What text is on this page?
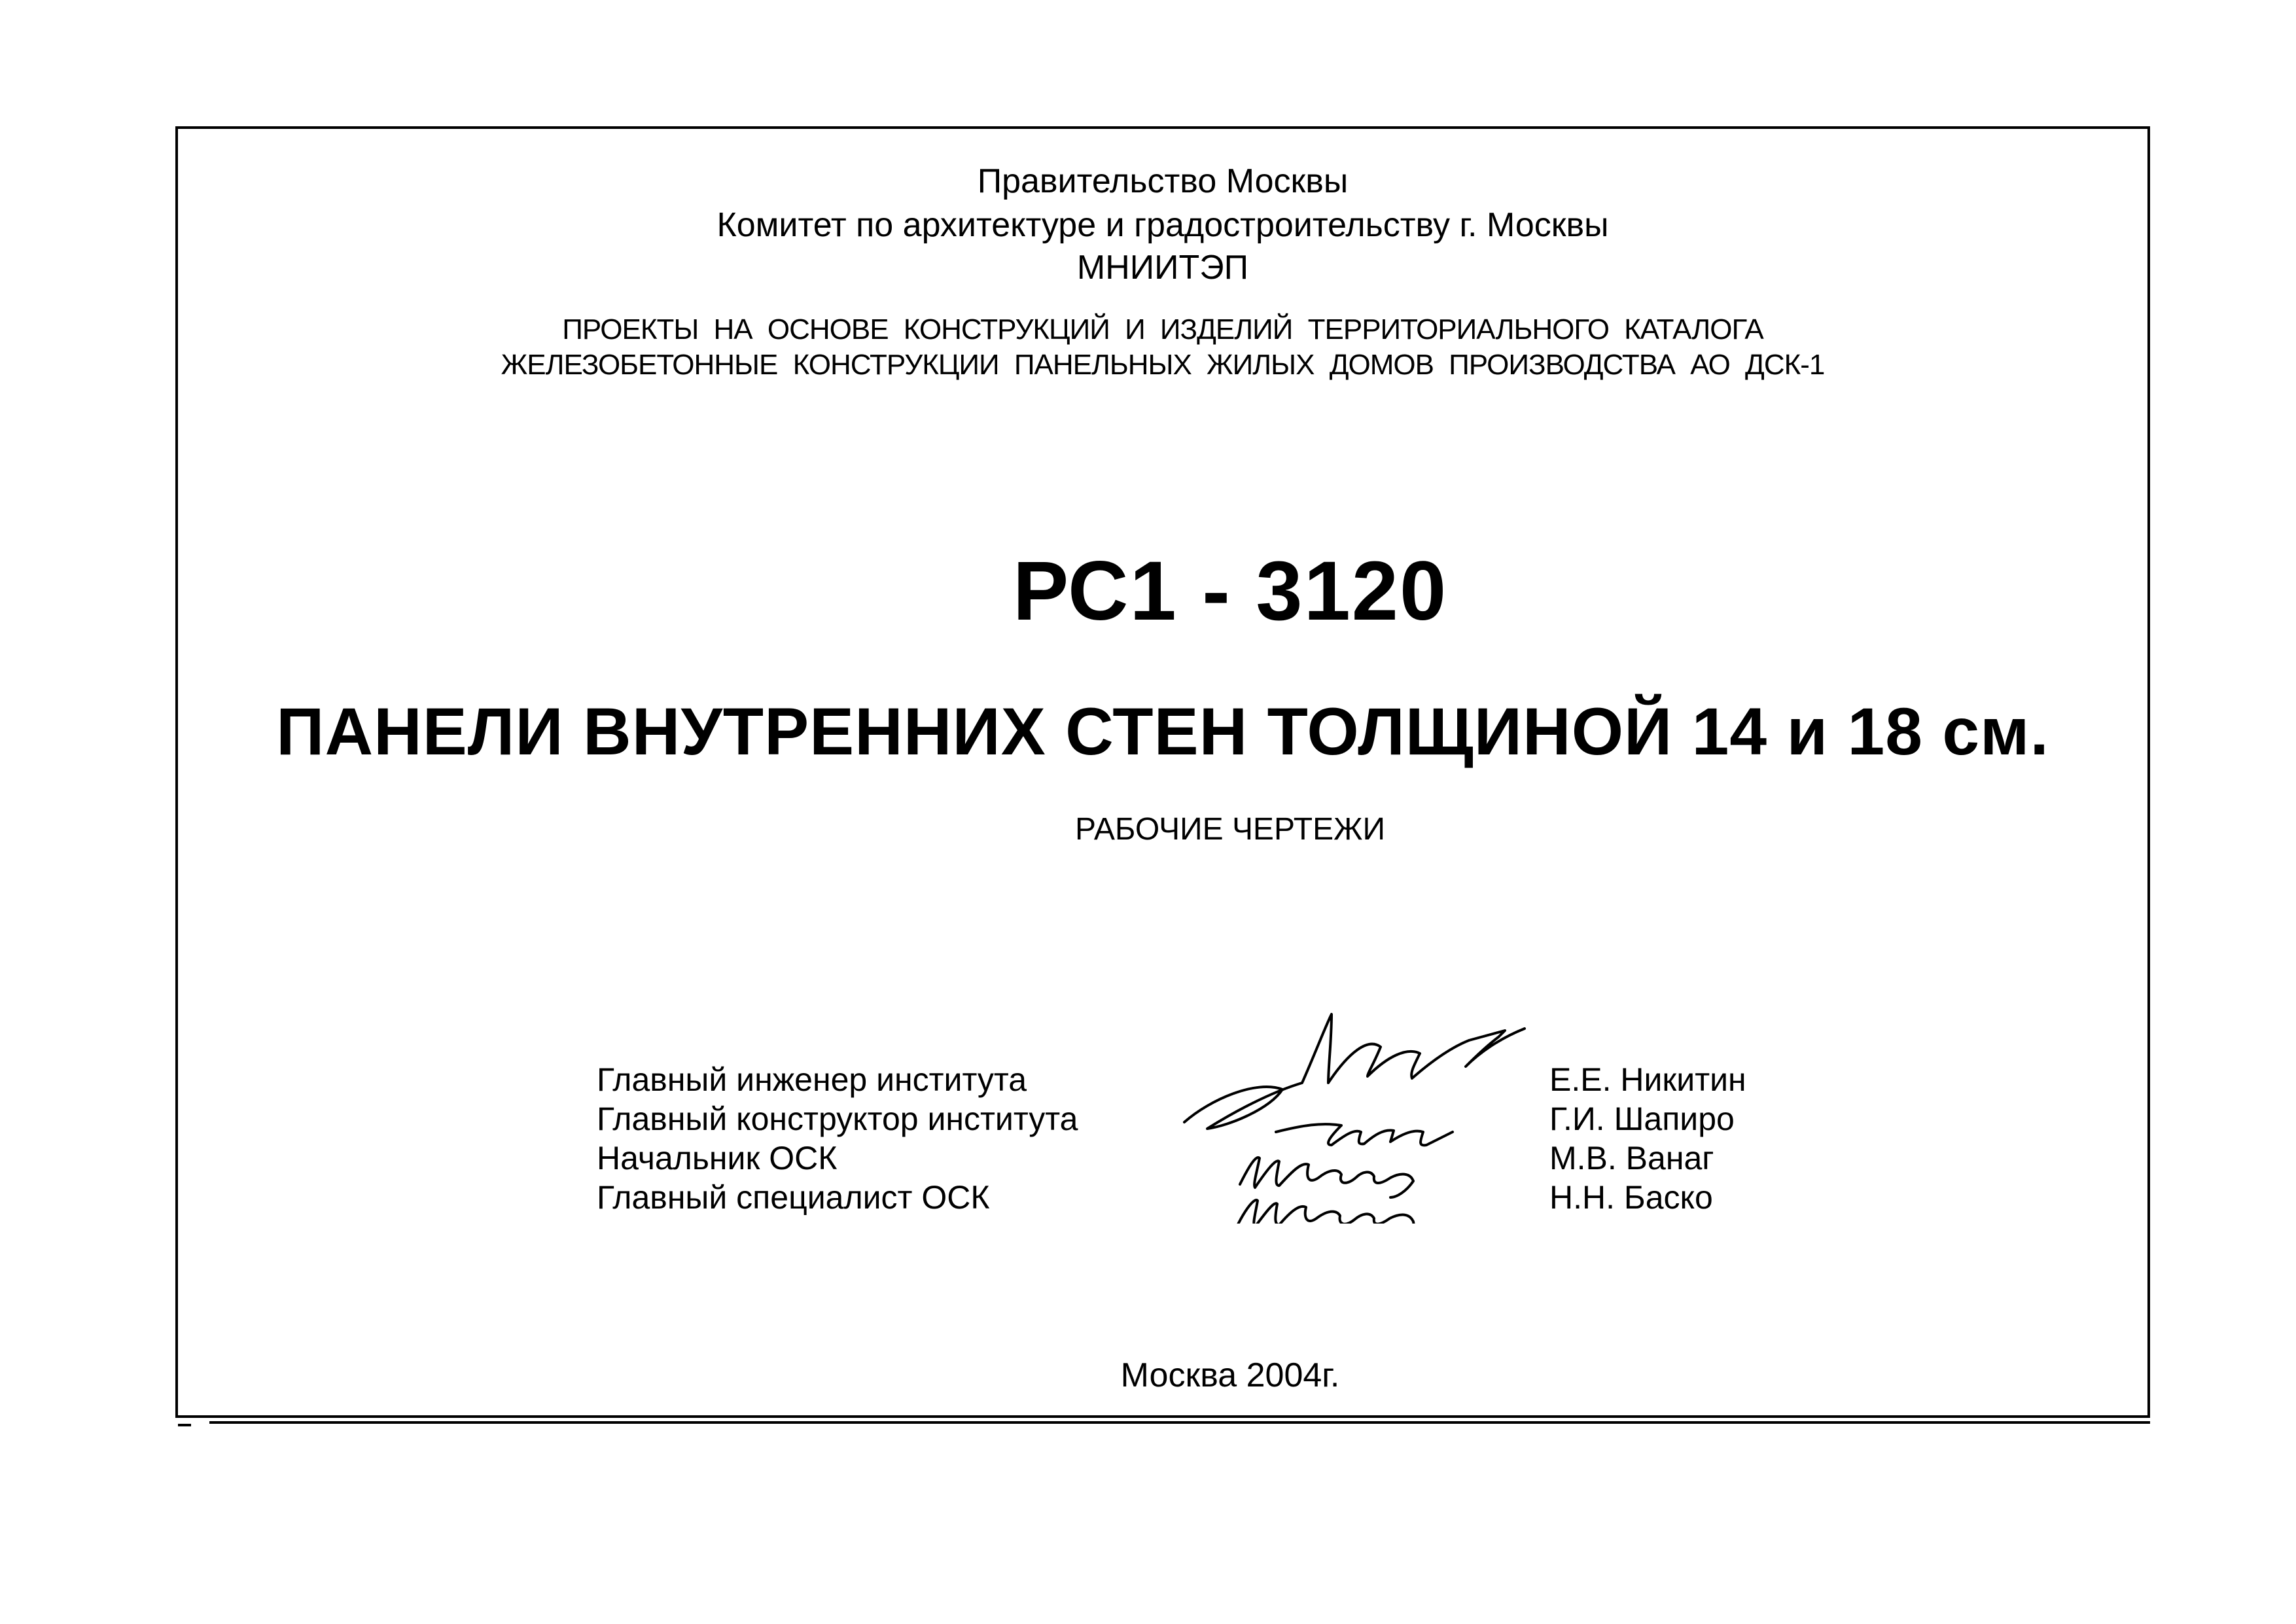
Правительство Москвы
Комитет по архитектуре и градостроительству г. Москвы
МНИИТЭП
ПРОЕКТЫ НА ОСНОВЕ КОНСТРУКЦИЙ И ИЗДЕЛИЙ ТЕРРИТОРИАЛЬНОГО КАТАЛОГА
ЖЕЛЕЗОБЕТОННЫЕ КОНСТРУКЦИИ ПАНЕЛЬНЫХ ЖИЛЫХ ДОМОВ ПРОИЗВОДСТВА АО ДСК-1
РС1 - 3120
ПАНЕЛИ ВНУТРЕННИХ СТЕН ТОЛЩИНОЙ 14 и 18 см.
РАБОЧИЕ ЧЕРТЕЖИ
Главный инженер института
Главный конструктор института
Начальник ОСК
Главный специалист ОСК
Е.Е. Никитин
Г.И. Шапиро
М.В. Ванаг
Н.Н. Баско
Москва 2004г.
